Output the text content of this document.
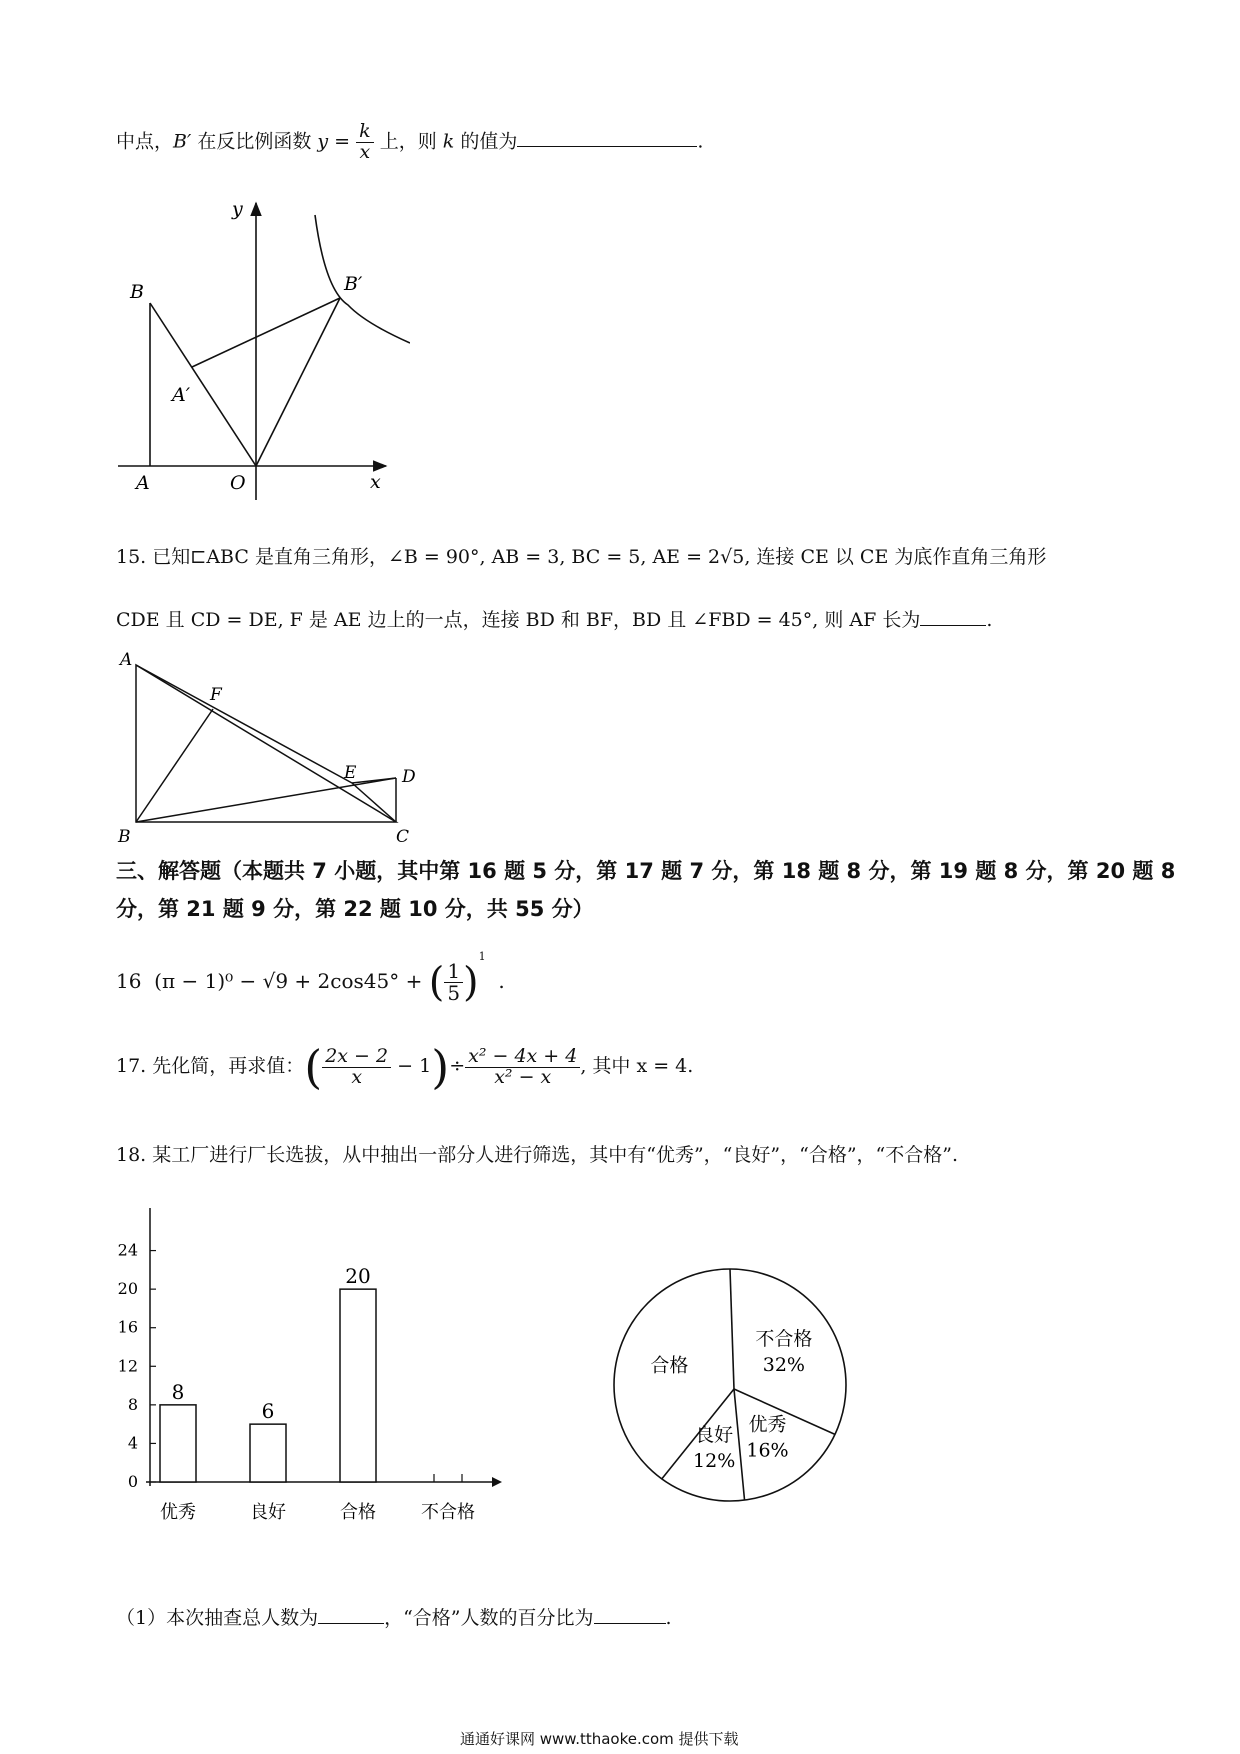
中点，B′ 在反比例函数 $y = \frac{k}{x}$ 上，则 k 的值为	.
y
x
B	B′
A′
A	O
15. 已知⊏ABC 是直角三角形，∠B = 90°, AB = 3, BC = 5, AE = 2√5, 连接 CE 以 CE 为底作直角三角形
CDE 且 CD = DE, F 是 AE 边上的一点，连接 BD 和 BF，BD 且 ∠FBD = 45°, 则 AF 长为	.
A
F
E	D
B	C
三、解答题（本题共 7 小题，其中第 16 题 5 分，第 17 题 7 分，第 18 题 8 分，第 19 题 8 分，第 20 题 8 分，第 21 题 9 分，第 22 题 10 分，共 55 分）
16 (π − 1)⁰ − √9 + 2cos45° + ( $\frac{1}{5} )^1$  .
17. 先化简，再求值：( $\frac{2x - 2}{x} - 1)\div \frac{\text{x² − 4x + 4}}{\text{x² − x}}$ , 其中 x = 4.
18. 某工厂进行厂长选拔，从中抽出一部分人进行筛选，其中有“优秀”，“良好”，“合格”，“不合格”.
0
4
8
12
16
20
24
8
优秀
6
良好
20
合格	不合格
不合格
32%
优秀
16%
良好
12%
合格
（1）本次抽查总人数为	，“合格”人数的百分比为	.
通通好课网 www.tthaoke.com 提供下载
